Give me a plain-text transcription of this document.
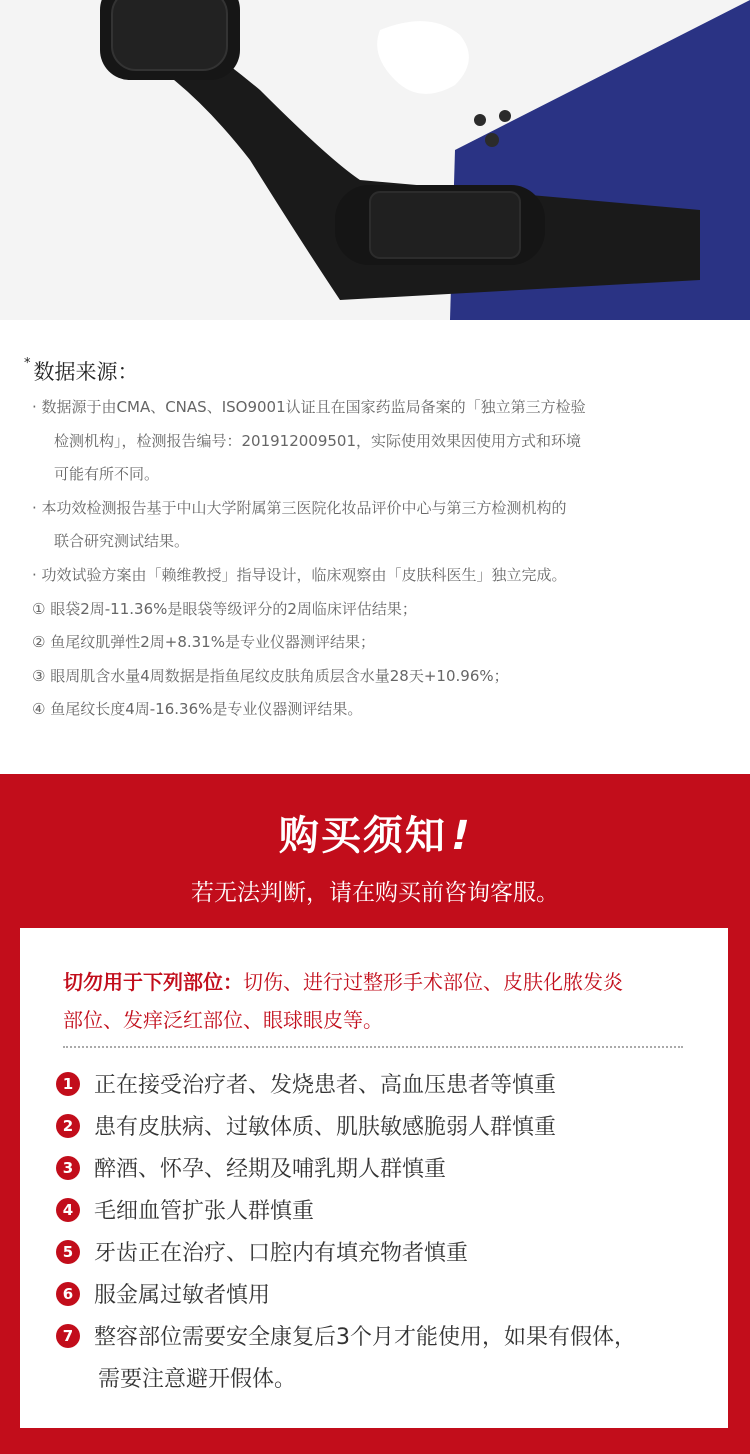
* 数据来源：
· 数据源于由CMA、CNAS、ISO9001认证且在国家药监局备案的「独立第三方检验
检测机构」，检测报告编号：201912009501，实际使用效果因使用方式和环境
可能有所不同。
· 本功效检测报告基于中山大学附属第三医院化妆品评价中心与第三方检测机构的
联合研究测试结果。
· 功效试验方案由「赖维教授」指导设计，临床观察由「皮肤科医生」独立完成。
① 眼袋2周-11.36%是眼袋等级评分的2周临床评估结果；
② 鱼尾纹肌弹性2周+8.31%是专业仪器测评结果；
③ 眼周肌含水量4周数据是指鱼尾纹皮肤角质层含水量28天+10.96%；
④ 鱼尾纹长度4周-16.36%是专业仪器测评结果。
购买须知!
若无法判断，请在购买前咨询客服。
切勿用于下列部位：切伤、进行过整形手术部位、皮肤化脓发炎
部位、发痒泛红部位、眼球眼皮等。
1 正在接受治疗者、发烧患者、高血压患者等慎重
2 患有皮肤病、过敏体质、肌肤敏感脆弱人群慎重
3 醉酒、怀孕、经期及哺乳期人群慎重
4 毛细血管扩张人群慎重
5 牙齿正在治疗、口腔内有填充物者慎重
6 服金属过敏者慎用
7 整容部位需要安全康复后3个月才能使用，如果有假体，
需要注意避开假体。
